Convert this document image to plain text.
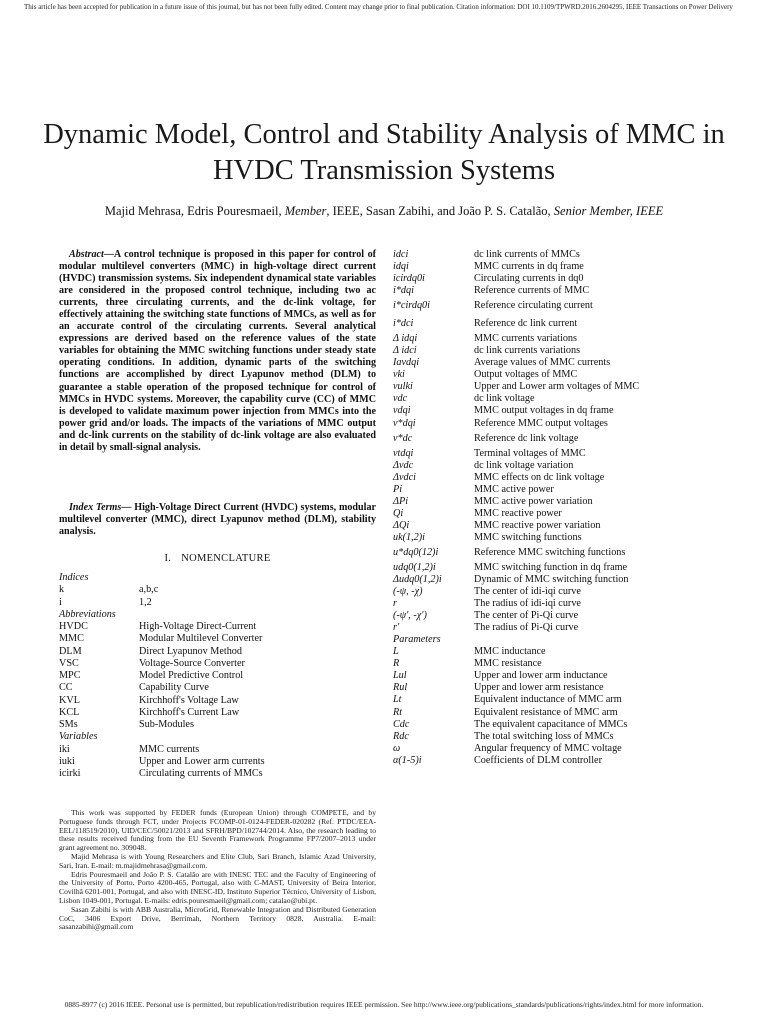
This article has been accepted for publication in a future issue of this journal, but has not been fully edited. Content may change prior to final publication. Citation information: DOI 10.1109/TPWRD.2016.2604295, IEEE Transactions on Power Delivery
Dynamic Model, Control and Stability Analysis of MMC in HVDC Transmission Systems
Majid Mehrasa, Edris Pouresmaeil, Member, IEEE, Sasan Zabihi, and João P. S. Catalão, Senior Member, IEEE

Abstract—A control technique is proposed in this paper for control of modular multilevel converters (MMC) in high-voltage direct current (HVDC) transmission systems. Six independent dynamical state variables are considered in the proposed control technique, including two ac currents, three circulating currents, and the dc-link voltage, for effectively attaining the switching state functions of MMCs, as well as for an accurate control of the circulating currents. Several analytical expressions are derived based on the reference values of the state variables for obtaining the MMC switching functions under steady state operating conditions. In addition, dynamic parts of the switching functions are accomplished by direct Lyapunov method (DLM) to guarantee a stable operation of the proposed technique for control of MMCs in HVDC systems. Moreover, the capability curve (CC) of MMC is developed to validate maximum power injection from MMCs into the power grid and/or loads. The impacts of the variations of MMC output and dc-link currents on the stability of dc-link voltage are also evaluated in detail by small-signal analysis.

Index Terms— High-Voltage Direct Current (HVDC) systems, modular multilevel converter (MMC), direct Lyapunov method (DLM), stability analysis.

I. NOMENCLATURE
Indices
k	a,b,c
i	1,2
Abbreviations
HVDC	High-Voltage Direct-Current
MMC	Modular Multilevel Converter
DLM	Direct Lyapunov Method
VSC	Voltage-Source Converter
MPC	Model Predictive Control
CC	Capability Curve
KVL	Kirchhoff's Voltage Law
KCL	Kirchhoff's Current Law
SMs	Sub-Modules
Variables
iki	MMC currents
iuki	Upper and Lower arm currents
icirki	Circulating currents of MMCs

This work was supported by FEDER funds (European Union) through COMPETE, and by Portuguese funds through FCT, under Projects FCOMP-01-0124-FEDER-020282 (Ref. PTDC/EEA-EEL/118519/2010), UID/CEC/50021/2013 and SFRH/BPD/102744/2014. Also, the research leading to these results received funding from the EU Seventh Framework Programme FP7/2007–2013 under grant agreement no. 309048.

Majid Mehrasa is with Young Researchers and Elite Club, Sari Branch, Islamic Azad University, Sari, Iran. E-mail: m.majidmehrasa@gmail.com.

Edris Pouresmaeil and João P. S. Catalão are with INESC TEC and the Faculty of Engineering of the University of Porto, Porto 4200-465, Portugal, also with C-MAST, University of Beira Interior, Covilhã 6201-001, Portugal, and also with INESC-ID, Instituto Superior Técnico, University of Lisbon, Lisbon 1049-001, Portugal. E-mails: edris.pouresmaeil@gmail.com; catalao@ubi.pt.

Sasan Zabihi is with ABB Australia, MicroGrid, Renewable Integration and Distributed Generation CoC, 3406 Export Drive, Berrimah, Northern Territory 0828, Australia. E-mail: sasanzabihi@gmail.com

idci	dc link currents of MMCs
idqi	MMC currents in dq frame
icirdq0i	Circulating currents in dq0
i*dqi	Reference currents of MMC
i*cirdq0i	Reference circulating current
i*dci	Reference dc link current
Δ idqi	MMC currents variations
Δ idci	dc link currents variations
Iavdqi	Average values of MMC currents
vki	Output voltages of MMC
vulki	Upper and Lower arm voltages of MMC
vdc	dc link voltage
vdqi	MMC output voltages in dq frame
v*dqi	Reference MMC output voltages
v*dc	Reference dc link voltage
vtdqi	Terminal voltages of MMC
Δvdc	dc link voltage variation
Δvdci	MMC effects on dc link voltage
Pi	MMC active power
ΔPi	MMC active power variation
Qi	MMC reactive power
ΔQi	MMC reactive power variation
uk(1,2)i	MMC switching functions
u*dq0(12)i	Reference MMC switching functions
udq0(1,2)i	MMC switching function in dq frame
Δudq0(1,2)i	Dynamic of MMC switching function
(-ψ, -χ)	The center of idi-iqi curve
r	The radius of idi-iqi curve
(-ψ', -χ')	The center of Pi-Qi curve
r'	The radius of Pi-Qi curve
Parameters
L	MMC inductance
R	MMC resistance
Lul	Upper and lower arm inductance
Rul	Upper and lower arm resistance
Lt	Equivalent inductance of MMC arm
Rt	Equivalent resistance of MMC arm
Cdc	The equivalent capacitance of MMCs
Rdc	The total switching loss of MMCs
ω	Angular frequency of MMC voltage
α(1-5)i	Coefficients of DLM controller
0885-8977 (c) 2016 IEEE. Personal use is permitted, but republication/redistribution requires IEEE permission. See http://www.ieee.org/publications_standards/publications/rights/index.html for more information.
